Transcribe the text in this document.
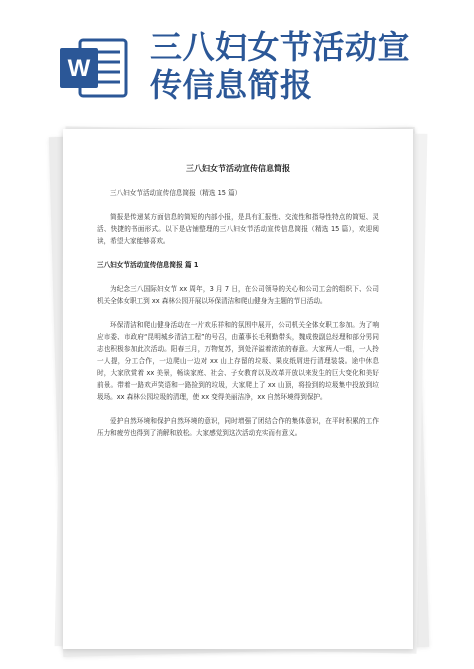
W
三八妇女节活动宣
传信息简报
三八妇女节活动宣传信息简报
三八妇女节活动宣传信息简报（精选 15 篇）
简报是传递某方面信息的简短的内部小报，是具有汇报性、交流性和指导性特点的简短、灵活、快捷的书面形式。以下是店铺整理的三八妇女节活动宣传信息简报（精选 15 篇），欢迎阅读，希望大家能够喜欢。
三八妇女节活动宣传信息简报 篇 1
为纪念三八国际妇女节 xx 周年，3 月 7 日，在公司领导的关心和公司工会的组织下、公司机关全体女职工到 xx 森林公园开展以环保清洁和爬山健身为主题的节日活动。
环保清洁和爬山健身活动在一片欢乐祥和的氛围中展开，公司机关全体女职工参加。为了响应市委、市政府“昆明城乡清洁工程”的号召，由董事长毛利勤带头，魏成俊副总经理和部分男同志也积极参加此次活动。阳春三月，万物复苏，到处洋溢着浓浓的春意。大家两人一组，一人拎一人提，分工合作，一边爬山一边对 xx 山上存留的垃圾、果皮纸屑进行清理装袋。途中休息时，大家欣赏着 xx 美景，畅谈家庭、社会、子女教育以及改革开放以来发生的巨大变化和美好前景。带着一路欢声笑语和一路捡到的垃圾，大家爬上了 xx 山顶，将捡到的垃圾集中投放到垃圾场。xx 森林公园垃圾的清理，使 xx 变得美丽洁净，xx 自然环境得到保护。
爱护自然环境和保护自然环境的意识，同时增强了团结合作的集体意识，在平时积累的工作压力和疲劳也得到了消解和放松。大家感觉到这次活动充实而有意义。
